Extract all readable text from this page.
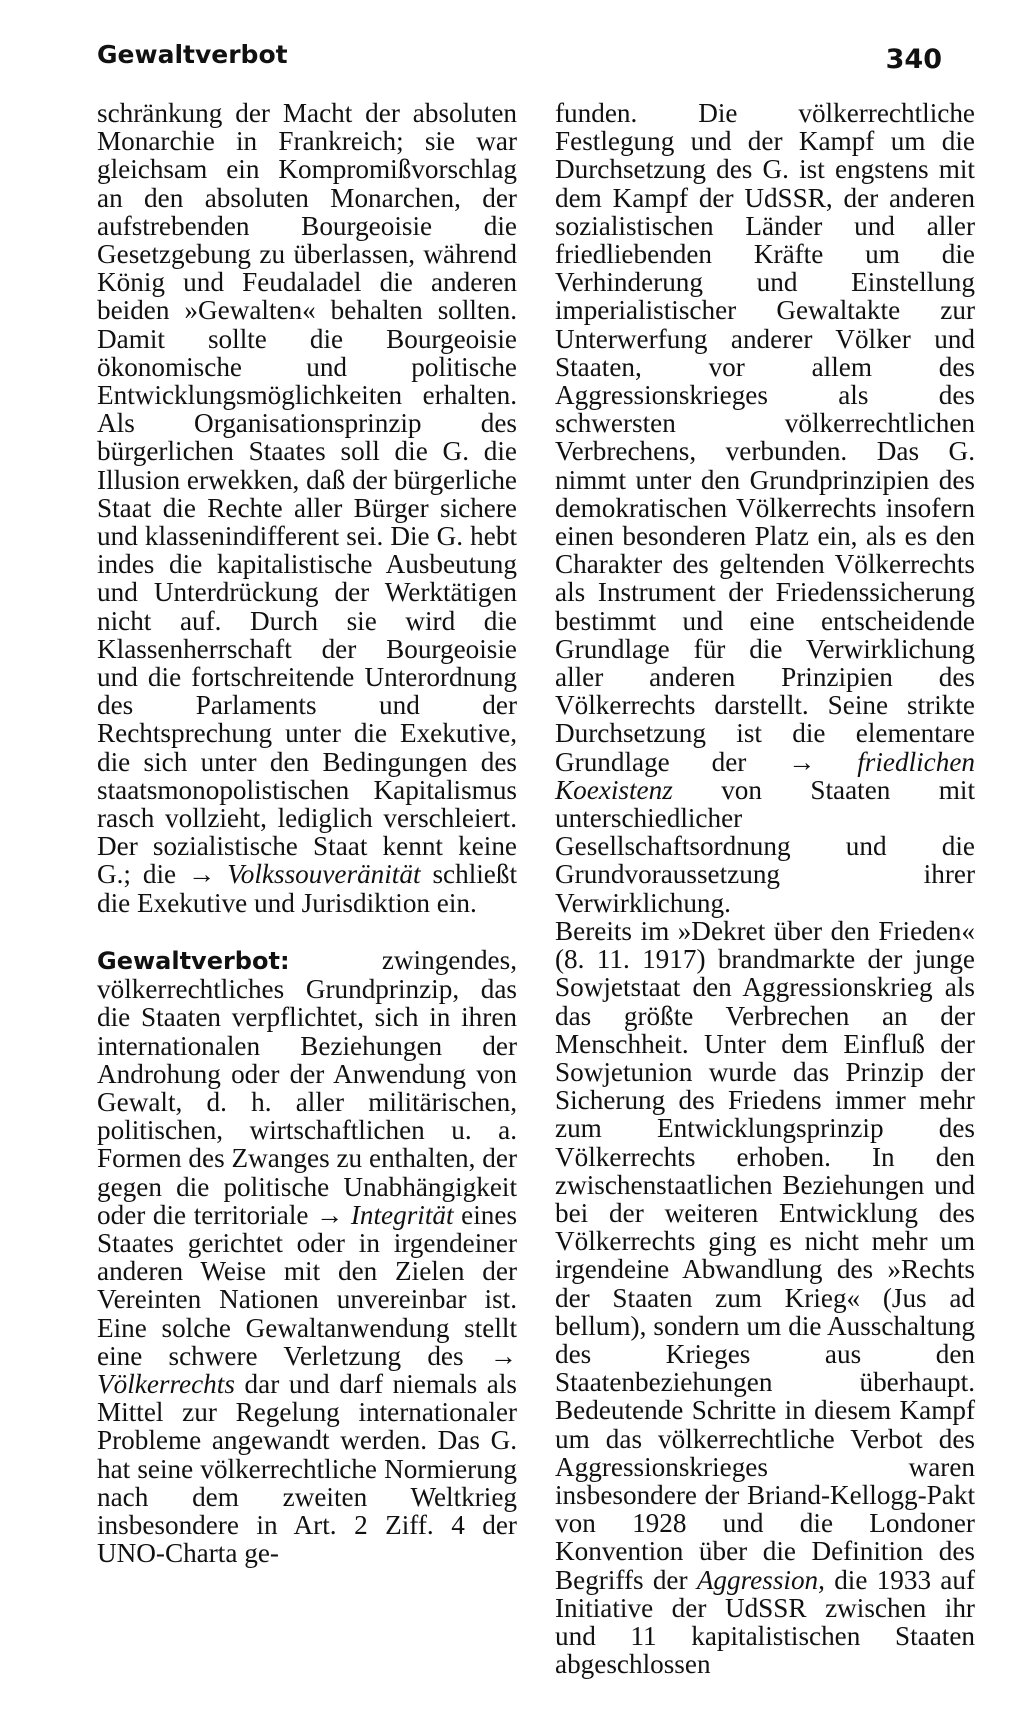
Gewaltverbot	340

schränkung der Macht der absoluten Monarchie in Frankreich; sie war gleichsam ein Kompromißvorschlag an den absoluten Monarchen, der aufstrebenden Bourgeoisie die Gesetzgebung zu überlassen, während König und Feudaladel die anderen beiden »Gewalten« behalten sollten. Damit sollte die Bourgeoisie ökonomische und politische Entwicklungsmöglichkeiten erhalten. Als Organisationsprinzip des bürgerlichen Staates soll die G. die Illusion erwekken, daß der bürgerliche Staat die Rechte aller Bürger sichere und klassenindifferent sei. Die G. hebt indes die kapitalistische Ausbeutung und Unterdrückung der Werktätigen nicht auf. Durch sie wird die Klassenherrschaft der Bourgeoisie und die fortschreitende Unterordnung des Parlaments und der Rechtsprechung unter die Exekutive, die sich unter den Bedingungen des staatsmonopolistischen Kapitalismus rasch vollzieht, lediglich verschleiert. Der sozialistische Staat kennt keine G.; die → Volkssouveränität schließt die Exekutive und Jurisdiktion ein.

Gewaltverbot:	zwingendes, völkerrechtliches Grundprinzip, das die Staaten verpflichtet, sich in ihren internationalen Beziehungen der Androhung oder der Anwendung von Gewalt, d. h. aller militärischen, politischen, wirtschaftlichen u. a. Formen des Zwanges zu enthalten, der gegen die politische Unabhängigkeit oder die territoriale → Integrität eines Staates gerichtet oder in irgendeiner anderen Weise mit den Zielen der Vereinten Nationen unvereinbar ist. Eine solche Gewaltanwendung stellt eine schwere Verletzung des → Völkerrechts dar und darf niemals als Mittel zur Regelung internationaler Probleme angewandt werden. Das G. hat seine völkerrechtliche Normierung nach dem zweiten Weltkrieg insbesondere in Art. 2 Ziff. 4 der UNO-Charta ge-

funden. Die völkerrechtliche Festlegung und der Kampf um die Durchsetzung des G. ist engstens mit dem Kampf der UdSSR, der anderen sozialistischen Länder und aller friedliebenden Kräfte um die Verhinderung und Einstellung imperialistischer Gewaltakte zur Unterwerfung anderer Völker und Staaten, vor allem des Aggressionskrieges als des schwersten völkerrechtlichen Verbrechens, verbunden. Das G. nimmt unter den Grundprinzipien des demokratischen Völkerrechts insofern einen besonderen Platz ein, als es den Charakter des geltenden Völkerrechts als Instrument der Friedenssicherung bestimmt und eine entscheidende Grundlage für die Verwirklichung aller anderen Prinzipien des Völkerrechts darstellt. Seine strikte Durchsetzung ist die elementare Grundlage der → friedlichen Koexistenz von Staaten mit unterschiedlicher Gesellschaftsordnung und die Grundvoraussetzung ihrer Verwirklichung.

Bereits im »Dekret über den Frieden« (8. 11. 1917) brandmarkte der junge Sowjetstaat den Aggressionskrieg als das größte Verbrechen an der Menschheit. Unter dem Einfluß der Sowjetunion wurde das Prinzip der Sicherung des Friedens immer mehr zum Entwicklungsprinzip des Völkerrechts erhoben. In den zwischenstaatlichen Beziehungen und bei der weiteren Entwicklung des Völkerrechts ging es nicht mehr um irgendeine Abwandlung des »Rechts der Staaten zum Krieg« (Jus ad bellum), sondern um die Ausschaltung des Krieges aus den Staatenbeziehungen überhaupt. Bedeutende Schritte in diesem Kampf um das völkerrechtliche Verbot des Aggressionskrieges waren insbesondere der Briand-Kellogg-Pakt von 1928 und die Londoner Konvention über die Definition des Begriffs der Aggression, die 1933 auf Initiative der UdSSR zwischen ihr und 11 kapitalistischen Staaten abgeschlossen
